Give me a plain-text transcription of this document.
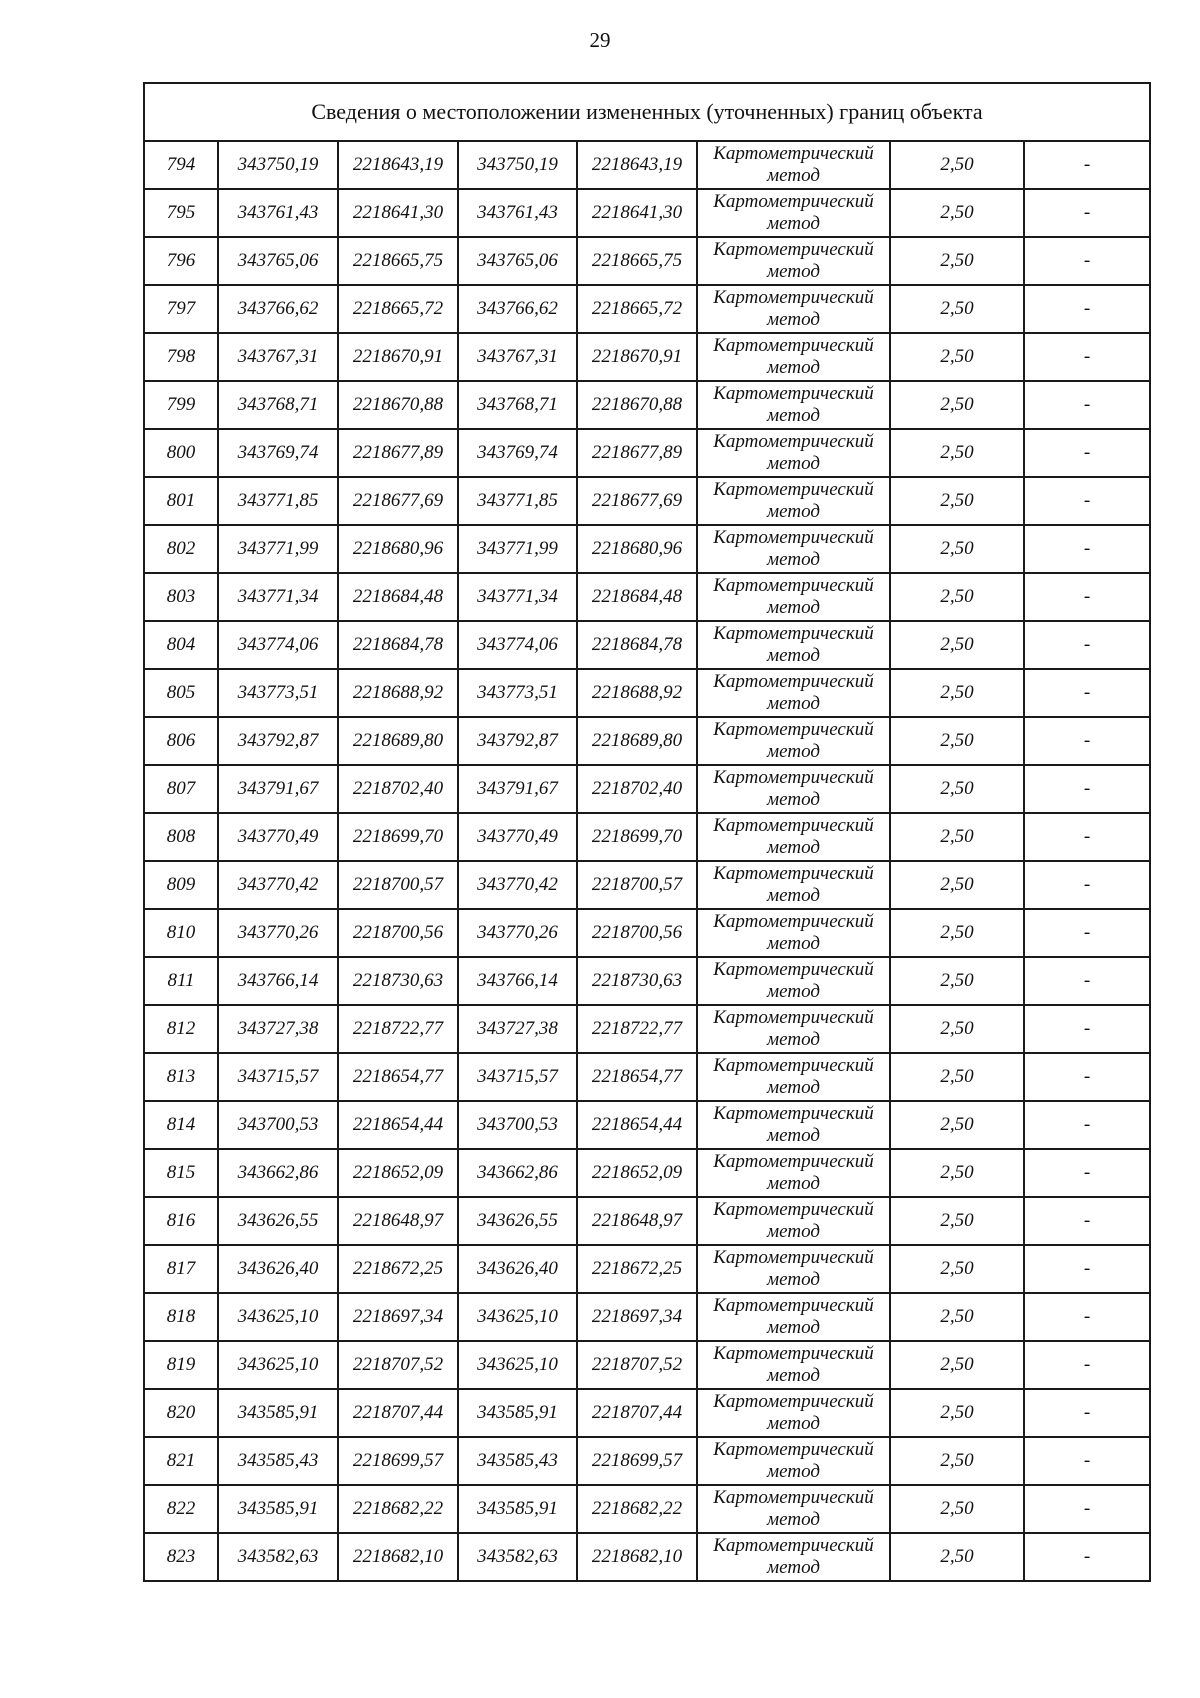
29
Сведения о местоположении измененных (уточненных) границ объекта							
794	343750,19	2218643,19	343750,19	2218643,19	Картометрический метод	2,50	-
795	343761,43	2218641,30	343761,43	2218641,30	Картометрический метод	2,50	-
796	343765,06	2218665,75	343765,06	2218665,75	Картометрический метод	2,50	-
797	343766,62	2218665,72	343766,62	2218665,72	Картометрический метод	2,50	-
798	343767,31	2218670,91	343767,31	2218670,91	Картометрический метод	2,50	-
799	343768,71	2218670,88	343768,71	2218670,88	Картометрический метод	2,50	-
800	343769,74	2218677,89	343769,74	2218677,89	Картометрический метод	2,50	-
801	343771,85	2218677,69	343771,85	2218677,69	Картометрический метод	2,50	-
802	343771,99	2218680,96	343771,99	2218680,96	Картометрический метод	2,50	-
803	343771,34	2218684,48	343771,34	2218684,48	Картометрический метод	2,50	-
804	343774,06	2218684,78	343774,06	2218684,78	Картометрический метод	2,50	-
805	343773,51	2218688,92	343773,51	2218688,92	Картометрический метод	2,50	-
806	343792,87	2218689,80	343792,87	2218689,80	Картометрический метод	2,50	-
807	343791,67	2218702,40	343791,67	2218702,40	Картометрический метод	2,50	-
808	343770,49	2218699,70	343770,49	2218699,70	Картометрический метод	2,50	-
809	343770,42	2218700,57	343770,42	2218700,57	Картометрический метод	2,50	-
810	343770,26	2218700,56	343770,26	2218700,56	Картометрический метод	2,50	-
811	343766,14	2218730,63	343766,14	2218730,63	Картометрический метод	2,50	-
812	343727,38	2218722,77	343727,38	2218722,77	Картометрический метод	2,50	-
813	343715,57	2218654,77	343715,57	2218654,77	Картометрический метод	2,50	-
814	343700,53	2218654,44	343700,53	2218654,44	Картометрический метод	2,50	-
815	343662,86	2218652,09	343662,86	2218652,09	Картометрический метод	2,50	-
816	343626,55	2218648,97	343626,55	2218648,97	Картометрический метод	2,50	-
817	343626,40	2218672,25	343626,40	2218672,25	Картометрический метод	2,50	-
818	343625,10	2218697,34	343625,10	2218697,34	Картометрический метод	2,50	-
819	343625,10	2218707,52	343625,10	2218707,52	Картометрический метод	2,50	-
820	343585,91	2218707,44	343585,91	2218707,44	Картометрический метод	2,50	-
821	343585,43	2218699,57	343585,43	2218699,57	Картометрический метод	2,50	-
822	343585,91	2218682,22	343585,91	2218682,22	Картометрический метод	2,50	-
823	343582,63	2218682,10	343582,63	2218682,10	Картометрический метод	2,50	-
